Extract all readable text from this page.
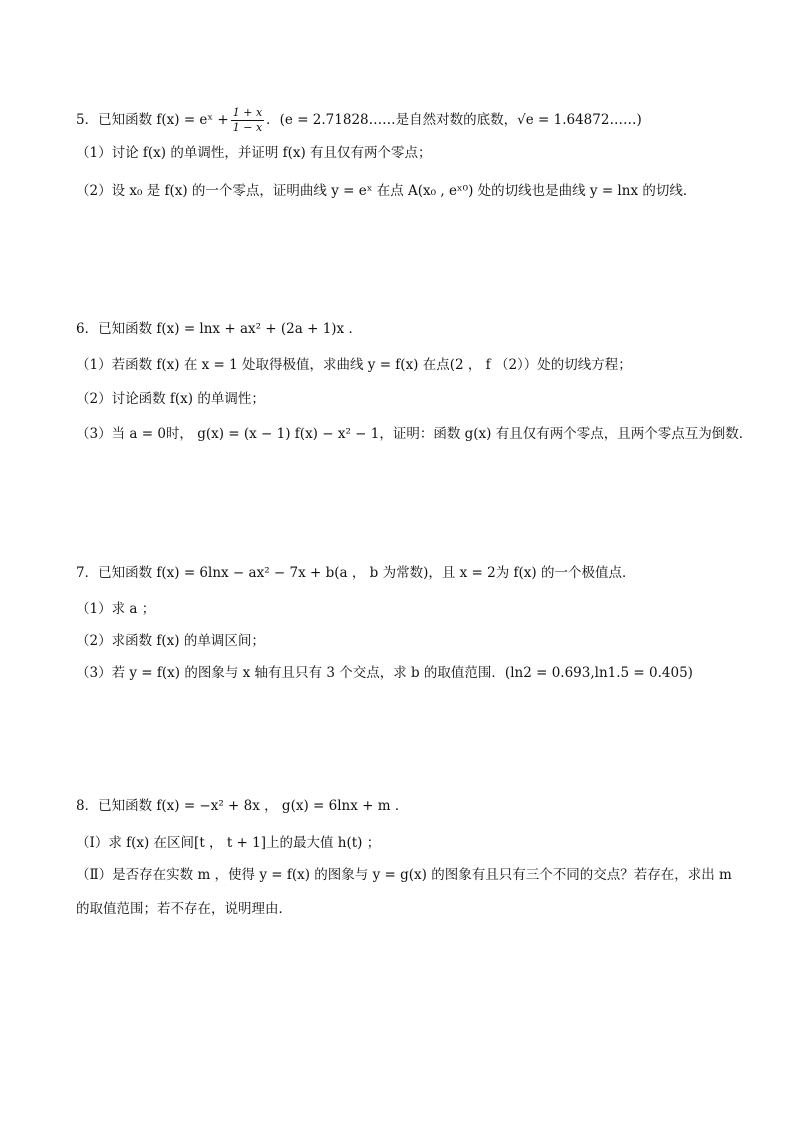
5．已知函数 f(x) = eˣ + $\frac{1 + x}{1 - x}$ ．(e = 2.71828……是自然对数的底数，√e = 1.64872……)
（1）讨论 f(x) 的单调性，并证明 f(x) 有且仅有两个零点；
（2）设 x₀ 是 f(x) 的一个零点，证明曲线 y = eˣ 在点 A(x₀ , eˣ⁰) 处的切线也是曲线 y = lnx 的切线．
6．已知函数 f(x) = lnx + ax² + (2a + 1)x ．
（1）若函数 f(x) 在 x = 1 处取得极值，求曲线 y = f(x) 在点(2 ， f （2））处的切线方程；
（2）讨论函数 f(x) 的单调性；
（3）当 a = 0时， g(x) = (x − 1) f(x) − x² − 1，证明：函数 g(x) 有且仅有两个零点，且两个零点互为倒数．
7．已知函数 f(x) = 6lnx − ax² − 7x + b(a ， b 为常数)，且 x = 2为 f(x) 的一个极值点．
（1）求 a ；
（2）求函数 f(x) 的单调区间；
（3）若 y = f(x) 的图象与 x 轴有且只有 3 个交点，求 b 的取值范围．(ln2 = 0.693,ln1.5 = 0.405)
8．已知函数 f(x) = −x² + 8x ， g(x) = 6lnx + m ．
（Ⅰ）求 f(x) 在区间[t ， t + 1]上的最大值 h(t) ；
（Ⅱ）是否存在实数 m ，使得 y = f(x) 的图象与 y = g(x) 的图象有且只有三个不同的交点？若存在，求出 m
的取值范围；若不存在，说明理由．
